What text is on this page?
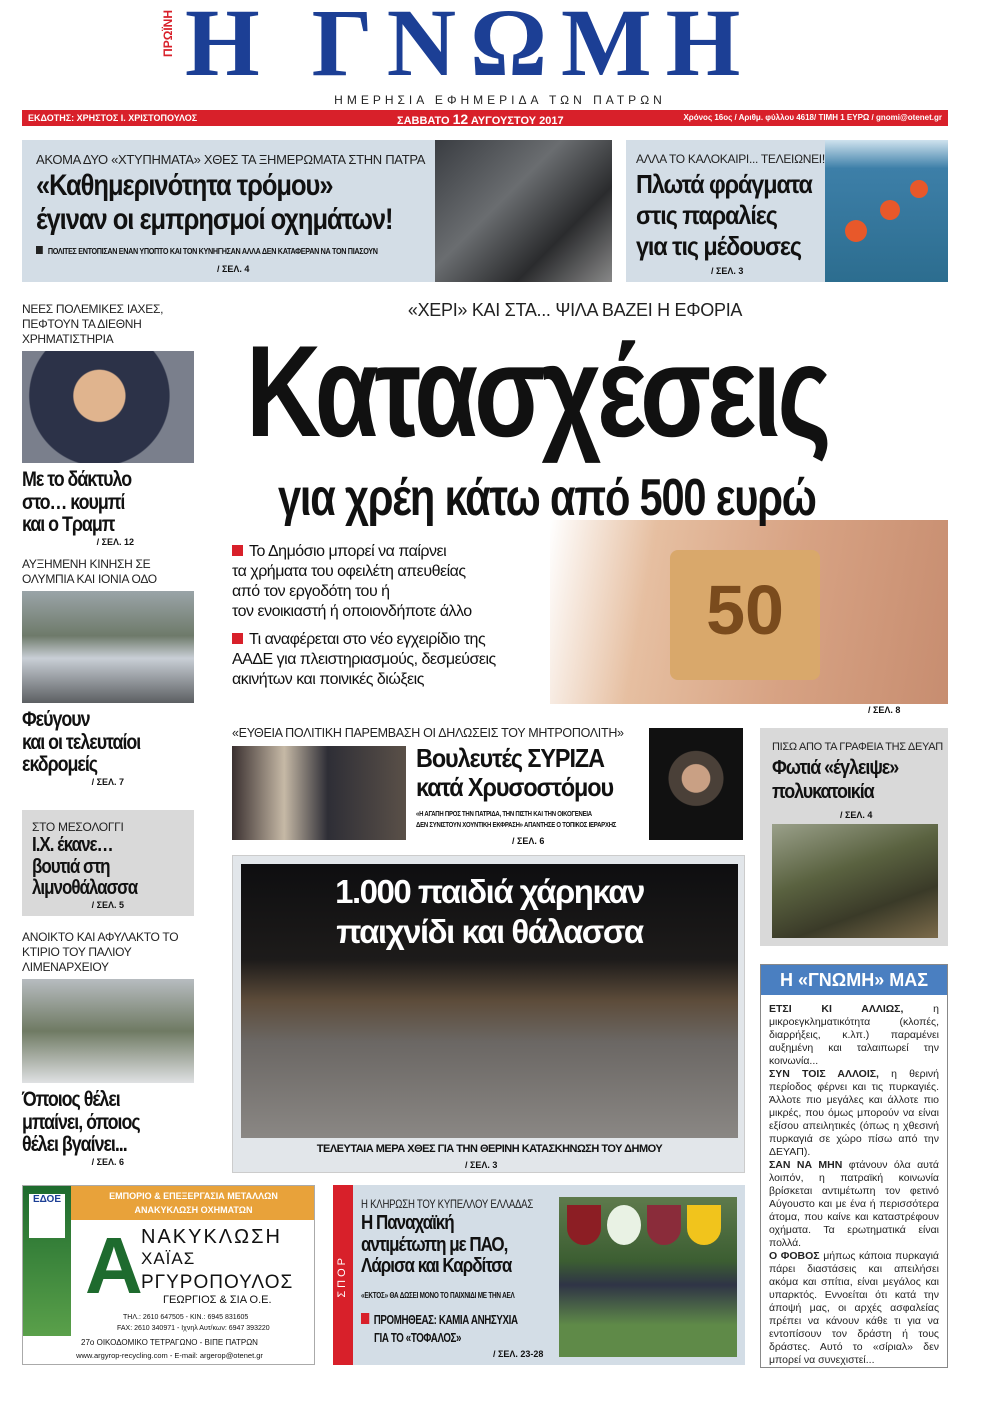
Η ΓΝΩΜΗ
ΠΡΩΪΝΗ
ΗΜΕΡΗΣΙΑ ΕΦΗΜΕΡΙΔΑ ΤΩΝ ΠΑΤΡΩΝ
ΕΚΔΟΤΗΣ: ΧΡΗΣΤΟΣ Ι. ΧΡΙΣΤΟΠΟΥΛΟΣ	ΣΑΒΒΑΤΟ 12 ΑΥΓΟΥΣΤΟΥ 2017	Χρόνος 16ος / Αριθμ. φύλλου 4618/ ΤΙΜΗ 1 ΕΥΡΩ / gnomi@otenet.gr
ΑΚΟΜΑ ΔΥΟ «ΧΤΥΠΗΜΑΤΑ» ΧΘΕΣ ΤΑ ΞΗΜΕΡΩΜΑΤΑ ΣΤΗΝ ΠΑΤΡΑ
«Καθημερινότητα τρόμου»
έγιναν οι εμπρησμοί οχημάτων!
ΠΟΛΙΤΕΣ ΕΝΤΟΠΙΣΑΝ ΕΝΑΝ ΥΠΟΠΤΟ ΚΑΙ ΤΟΝ ΚΥΝΗΓΗΣΑΝ ΑΛΛΑ ΔΕΝ ΚΑΤΑΦΕΡΑΝ ΝΑ ΤΟΝ ΠΙΑΣΟΥΝ
/ ΣΕΛ. 4
ΑΛΛΑ ΤΟ ΚΑΛΟΚΑΙΡΙ... ΤΕΛΕΙΩΝΕΙ!
Πλωτά φράγματα
στις παραλίες
για τις μέδουσες
/ ΣΕΛ. 3
ΝΕΕΣ ΠΟΛΕΜΙΚΕΣ ΙΑΧΕΣ, ΠΕΦΤΟΥΝ ΤΑ ΔΙΕΘΝΗ ΧΡΗΜΑΤΙΣΤΗΡΙΑ
Με το δάκτυλο
στο… κουμπί
και ο Τραμπ
/ ΣΕΛ. 12
ΑΥΞΗΜΕΝΗ ΚΙΝΗΣΗ ΣΕ ΟΛΥΜΠΙΑ ΚΑΙ ΙΟΝΙΑ ΟΔΟ
Φεύγουν
και οι τελευταίοι
εκδρομείς
/ ΣΕΛ. 7
ΣΤΟ ΜΕΣΟΛΟΓΓΙ
Ι.Χ. έκανε…
βουτιά στη
λιμνοθάλασσα
/ ΣΕΛ. 5
ΑΝΟΙΚΤΟ ΚΑΙ ΑΦΥΛΑΚΤΟ ΤΟ ΚΤΙΡΙΟ ΤΟΥ ΠΑΛΙΟΥ ΛΙΜΕΝΑΡΧΕΙΟΥ
Όποιος θέλει
μπαίνει, όποιος
θέλει βγαίνει...
/ ΣΕΛ. 6
50
«ΧΕΡΙ» ΚΑΙ ΣΤΑ... ΨΙΛΑ ΒΑΖΕΙ Η ΕΦΟΡΙΑ
Κατασχέσεις
για χρέη κάτω από 500 ευρώ
Το Δημόσιο μπορεί να παίρνει
τα χρήματα του οφειλέτη απευθείας
από τον εργοδότη του ή
τον ενοικιαστή ή οποιονδήποτε άλλο
Τι αναφέρεται στο νέο εγχειρίδιο της
ΑΑΔΕ για πλειστηριασμούς, δεσμεύσεις
ακινήτων και ποινικές διώξεις
/ ΣΕΛ. 8
«ΕΥΘΕΙΑ ΠΟΛΙΤΙΚΗ ΠΑΡΕΜΒΑΣΗ ΟΙ ΔΗΛΩΣΕΙΣ ΤΟΥ ΜΗΤΡΟΠΟΛΙΤΗ»
Βουλευτές ΣΥΡΙΖΑ
κατά Χρυσοστόμου
«Η ΑΓΑΠΗ ΠΡΟΣ ΤΗΝ ΠΑΤΡΙΔΑ, ΤΗΝ ΠΙΣΤΗ ΚΑΙ ΤΗΝ ΟΙΚΟΓΕΝΕΙΑ
ΔΕΝ ΣΥΝΙΣΤΟΥΝ ΧΟΥΝΤΙΚΗ ΕΚΦΡΑΣΗ» ΑΠΑΝΤΗΣΕ Ο ΤΟΠΙΚΟΣ ΙΕΡΑΡΧΗΣ
/ ΣΕΛ. 6
ΠΙΣΩ ΑΠΟ ΤΑ ΓΡΑΦΕΙΑ ΤΗΣ ΔΕΥΑΠ
Φωτιά «έγλειψε»
πολυκατοικία
/ ΣΕΛ. 4
1.000 παιδιά χάρηκαν
παιχνίδι και θάλασσα
ΤΕΛΕΥΤΑΙΑ ΜΕΡΑ ΧΘΕΣ ΓΙΑ ΤΗΝ ΘΕΡΙΝΗ ΚΑΤΑΣΚΗΝΩΣΗ ΤΟΥ ΔΗΜΟΥ
/ ΣΕΛ. 3
Η «ΓΝΩΜΗ» ΜΑΣ

ΕΤΣΙ ΚΙ ΑΛΛΙΩΣ, η μικροεγκληματικότητα (κλοπές, διαρρήξεις, κ.λπ.) παραμένει αυξημένη και ταλαιπωρεί την κοινωνία...

ΣΥΝ ΤΟΙΣ ΑΛΛΟΙΣ, η θερινή περίοδος φέρνει και τις πυρκαγιές. Άλλοτε πιο μεγάλες και άλλοτε πιο μικρές, που όμως μπορούν να είναι εξίσου απειλητικές (όπως η χθεσινή πυρκαγιά σε χώρο πίσω από την ΔΕΥΑΠ).

ΣΑΝ ΝΑ ΜΗΝ φτάνουν όλα αυτά λοιπόν, η πατραϊκή κοινωνία βρίσκεται αντιμέτωπη τον φετινό Αύγουστο και με ένα ή περισσότερα άτομα, που καίνε και καταστρέφουν οχήματα. Τα ερωτηματικά είναι πολλά.

Ο ΦΟΒΟΣ μήπως κάποια πυρκαγιά πάρει διαστάσεις και απειλήσει ακόμα και σπίτια, είναι μεγάλος και υπαρκτός. Εννοείται ότι κατά την άποψή μας, οι αρχές ασφαλείας πρέπει να κάνουν κάθε τι για να εντοπίσουν τον δράστη ή τους δράστες. Αυτό το «σίριαλ» δεν μπορεί να συνεχιστεί...

ΕΔΟΕ	ΕΜΠΟΡΙΟ & ΕΠΕΞΕΡΓΑΣΙΑ ΜΕΤΑΛΛΩΝ
ΑΝΑΚΥΚΛΩΣΗ ΟΧΗΜΑΤΩΝ
Α
ΝΑΚΥΚΛΩΣΗ
ΧΑΪΑΣ
ΡΓΥΡΟΠΟΥΛΟΣ
ΓΕΩΡΓΙΟΣ & ΣΙΑ Ο.Ε.
ΤΗΛ.: 2610 647505 - ΚΙΝ.: 6945 831605
FAX: 2610 340971 - Ιχνηλ Αυτ/κων: 6947 393220
27ο ΟΙΚΟΔΟΜΙΚΟ ΤΕΤΡΑΓΩΝΟ - ΒΙΠΕ ΠΑΤΡΩΝ
www.argyrop-recycling.com - E-mail: argerop@otenet.gr
ΣΠΟΡ
Η ΚΛΗΡΩΣΗ ΤΟΥ ΚΥΠΕΛΛΟΥ ΕΛΛΑΔΑΣ
Η Παναχαϊκή
αντιμέτωπη με ΠΑΟ,
Λάρισα και Καρδίτσα
«ΕΚΤΟΣ» ΘΑ ΔΩΣΕΙ ΜΟΝΟ ΤΟ ΠΑΙΧΝΙΔΙ ΜΕ ΤΗΝ ΑΕΛ
ΠΡΟΜΗΘΕΑΣ: ΚΑΜΙΑ ΑΝΗΣΥΧΙΑ
ΓΙΑ ΤΟ «ΤΟΦΑΛΟΣ»
/ ΣΕΛ. 23-28
